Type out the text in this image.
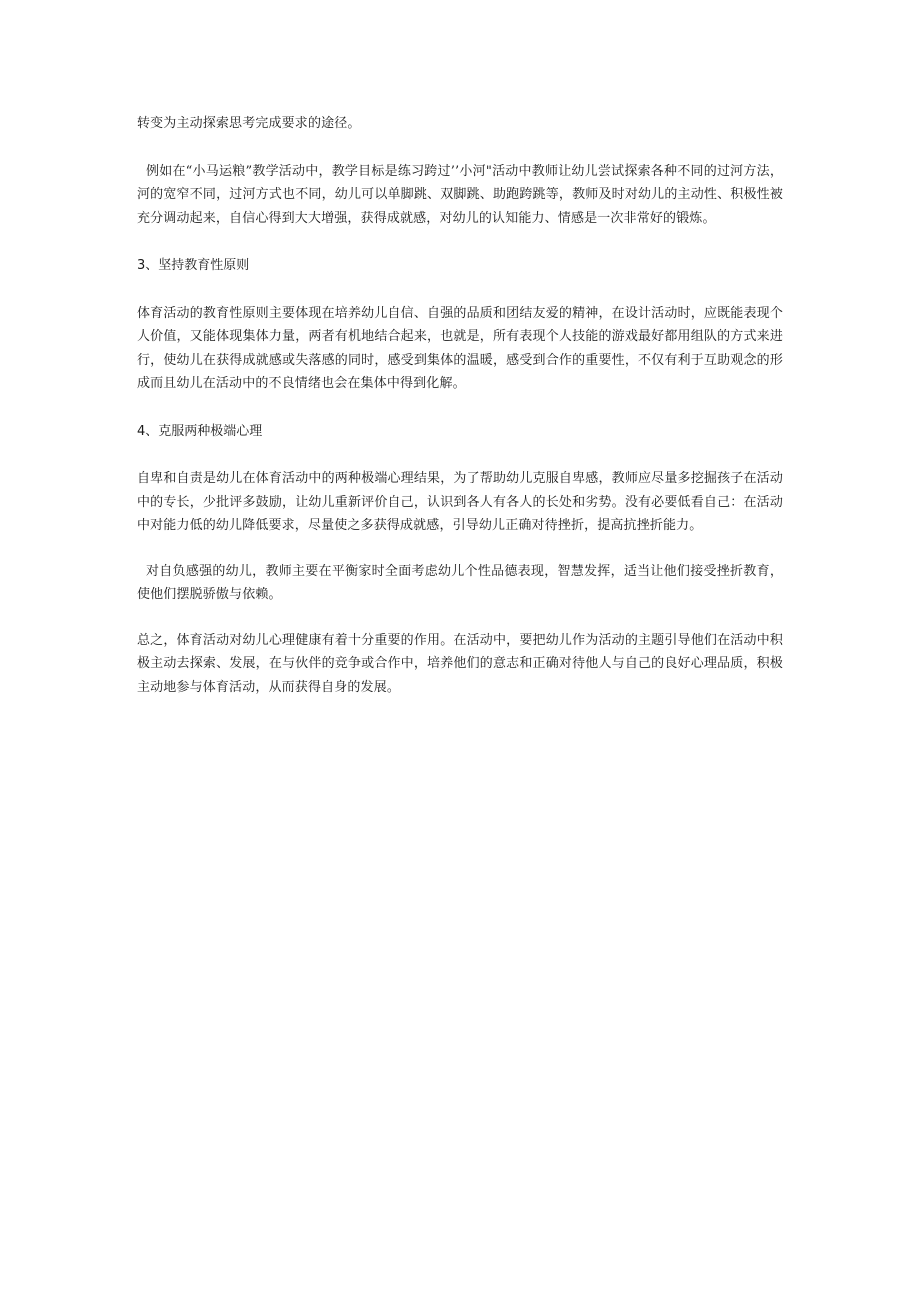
转变为主动探索思考完成要求的途径。

例如在“小马运粮”教学活动中，教学目标是练习跨过’’小河"活动中教师让幼儿尝试探索各种不同的过河方法，河的宽窄不同，过河方式也不同，幼儿可以单脚跳、双脚跳、助跑跨跳等，教师及时对幼儿的主动性、积极性被充分调动起来，自信心得到大大增强，获得成就感，对幼儿的认知能力、情感是一次非常好的锻炼。

3、坚持教育性原则

体育活动的教育性原则主要体现在培养幼儿自信、自强的品质和团结友爱的精神，在设计活动时，应既能表现个人价值，又能体现集体力量，两者有机地结合起来，也就是，所有表现个人技能的游戏最好都用组队的方式来进行，使幼儿在获得成就感或失落感的同时，感受到集体的温暖，感受到合作的重要性，不仅有利于互助观念的形成而且幼儿在活动中的不良情绪也会在集体中得到化解。

4、克服两种极端心理

自卑和自责是幼儿在体育活动中的两种极端心理结果，为了帮助幼儿克服自卑感，教师应尽量多挖掘孩子在活动中的专长，少批评多鼓励，让幼儿重新评价自己，认识到各人有各人的长处和劣势。没有必要低看自己：在活动中对能力低的幼儿降低要求，尽量使之多获得成就感，引导幼儿正确对待挫折，提高抗挫折能力。

对自负感强的幼儿，教师主要在平衡家时全面考虑幼儿个性品德表现，智慧发挥，适当让他们接受挫折教育，使他们摆脱骄傲与依赖。

总之，体育活动对幼儿心理健康有着十分重要的作用。在活动中，要把幼儿作为活动的主题引导他们在活动中积极主动去探索、发展，在与伙伴的竞争或合作中，培养他们的意志和正确对待他人与自己的良好心理品质，积极主动地参与体育活动，从而获得自身的发展。
